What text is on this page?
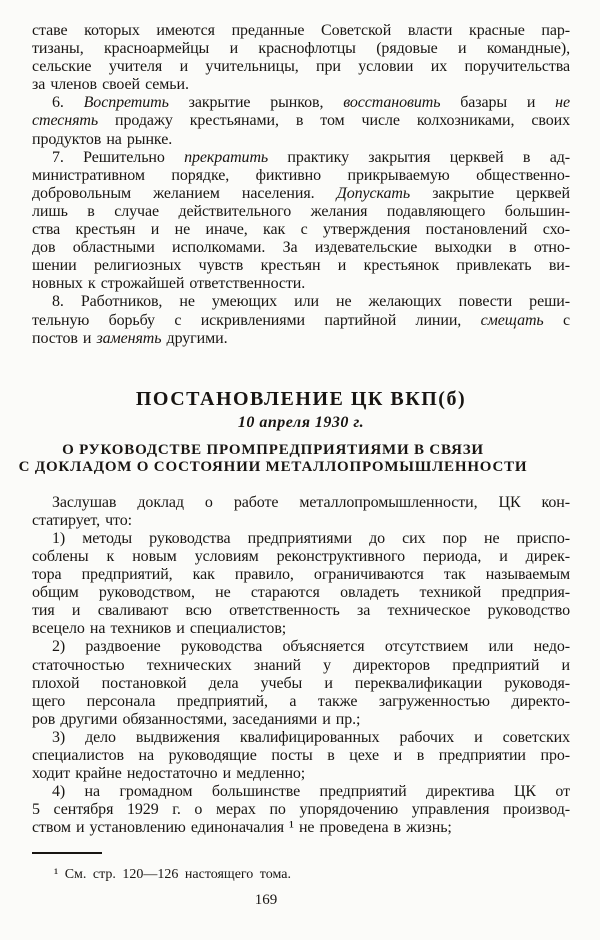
ставе которых имеются преданные Советской власти красные пар-
тизаны, красноармейцы и краснофлотцы (рядовые и командные),
сельские учителя и учительницы, при условии их поручительства
за членов своей семьи.
6. Воспретить закрытие рынков, восстановить базары и не
стеснять продажу крестьянами, в том числе колхозниками, своих
продуктов на рынке.
7. Решительно прекратить практику закрытия церквей в ад-
министративном порядке, фиктивно прикрываемую общественно-
добровольным желанием населения. Допускать закрытие церквей
лишь в случае действительного желания подавляющего большин-
ства крестьян и не иначе, как с утверждения постановлений схо-
дов областными исполкомами. За издевательские выходки в отно-
шении религиозных чувств крестьян и крестьянок привлекать ви-
новных к строжайшей ответственности.
8. Работников, не умеющих или не желающих повести реши-
тельную борьбу с искривлениями партийной линии, смещать с
постов и заменять другими.
ПОСТАНОВЛЕНИЕ ЦК ВКП(б)
10 апреля 1930 г.
О РУКОВОДСТВЕ ПРОМПРЕДПРИЯТИЯМИ В СВЯЗИ
С ДОКЛАДОМ О СОСТОЯНИИ МЕТАЛЛОПРОМЫШЛЕННОСТИ
Заслушав доклад о работе металлопромышленности, ЦК кон-
статирует, что:
1) методы руководства предприятиями до сих пор не приспо-
соблены к новым условиям реконструктивного периода, и дирек-
тора предприятий, как правило, ограничиваются так называемым
общим руководством, не стараются овладеть техникой предприя-
тия и сваливают всю ответственность за техническое руководство
всецело на техников и специалистов;
2) раздвоение руководства объясняется отсутствием или недо-
статочностью технических знаний у директоров предприятий и
плохой постановкой дела учебы и переквалификации руководя-
щего персонала предприятий, а также загруженностью директо-
ров другими обязанностями, заседаниями и пр.;
3) дело выдвижения квалифицированных рабочих и советских
специалистов на руководящие посты в цехе и в предприятии про-
ходит крайне недостаточно и медленно;
4) на громадном большинстве предприятий директива ЦК от
5 сентября 1929 г. о мерах по упорядочению управления производ-
ством и установлению единоначалия ¹ не проведена в жизнь;
¹ См. стр. 120—126 настоящего тома.
169
